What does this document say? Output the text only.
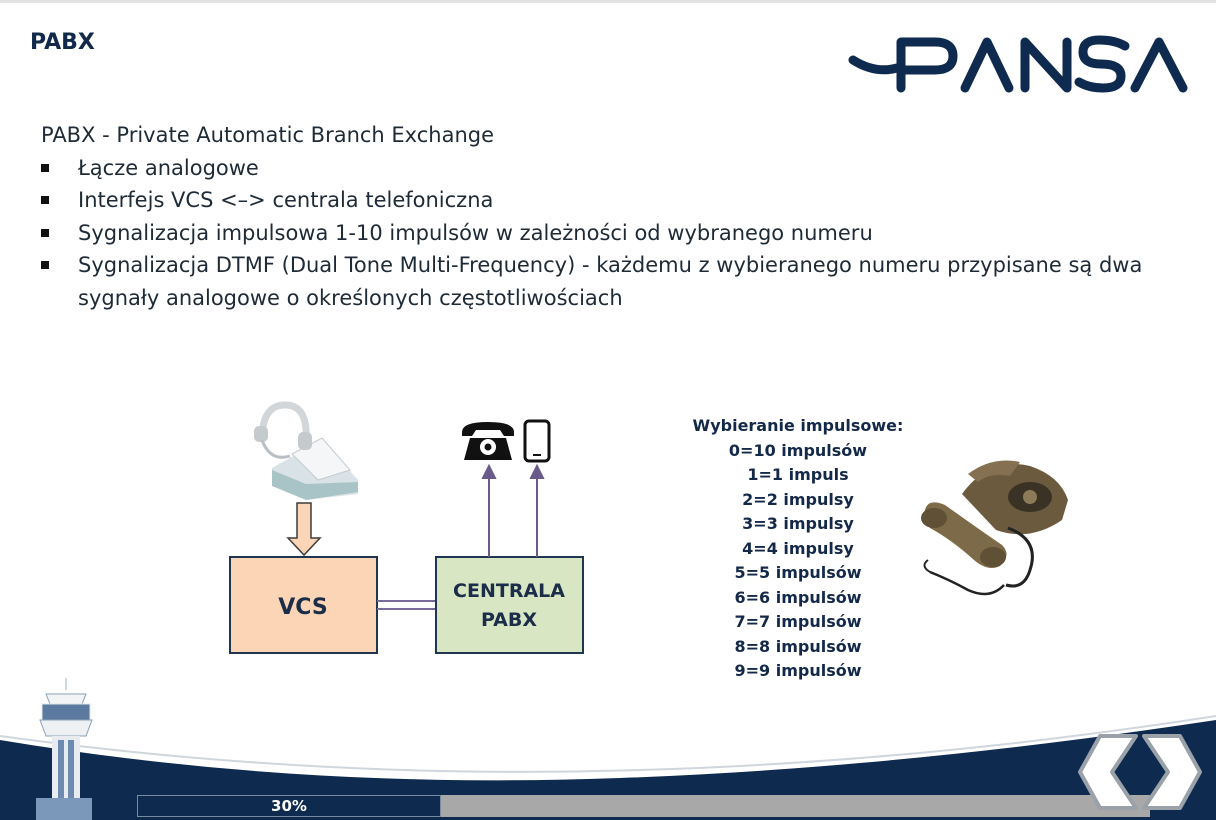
PABX

PABX - Private Automatic Branch Exchange

Łącze analogowe
Interfejs VCS <–> centrala telefoniczna
Sygnalizacja impulsowa 1-10 impulsów w zależności od wybranego numeru
Sygnalizacja DTMF (Dual Tone Multi-Frequency) - każdemu z wybieranego numeru przypisane są dwa sygnały analogowe o określonych częstotliwościach
VCS
CENTRALA
PABX
Wybieranie impulsowe:
0=10 impulsów
1=1 impuls
2=2 impulsy
3=3 impulsy
4=4 impulsy
5=5 impulsów
6=6 impulsów
7=7 impulsów
8=8 impulsów
9=9 impulsów
30%
